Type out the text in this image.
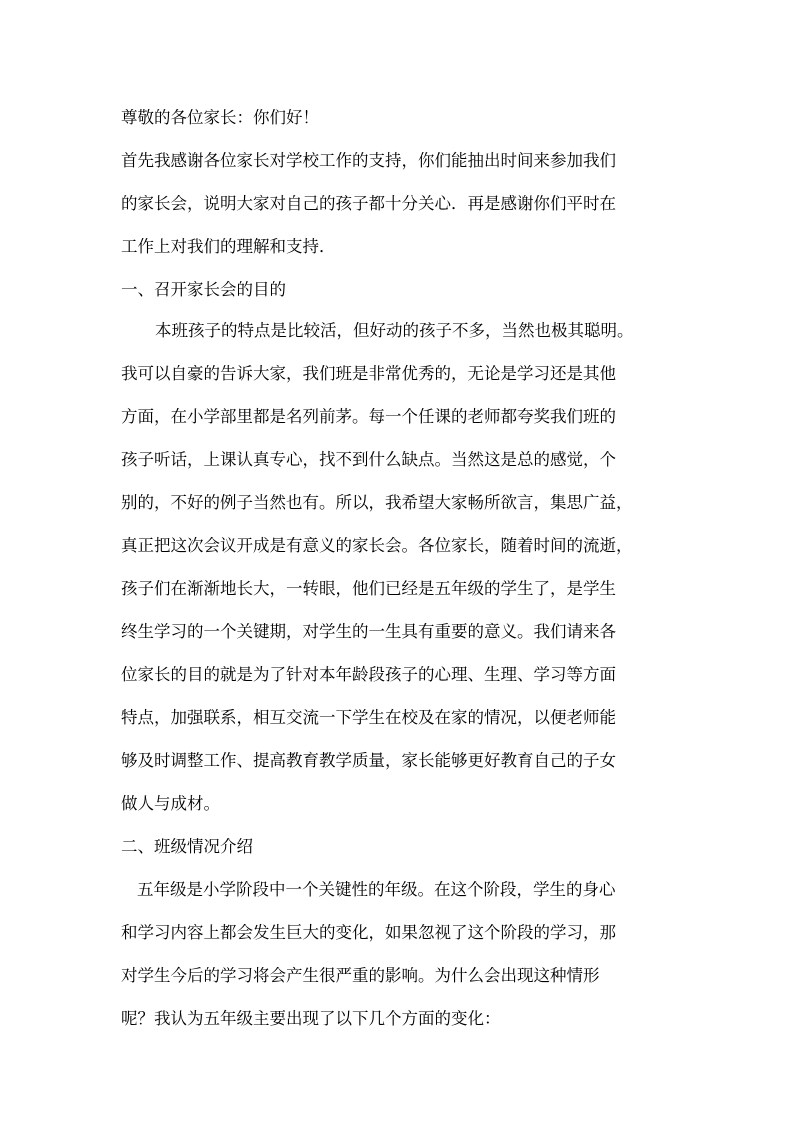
尊敬的各位家长：你们好！
首先我感谢各位家长对学校工作的支持，你们能抽出时间来参加我们
的家长会，说明大家对自己的孩子都十分关心．再是感谢你们平时在
工作上对我们的理解和支持．
一、召开家长会的目的
本班孩子的特点是比较活，但好动的孩子不多，当然也极其聪明。
我可以自豪的告诉大家，我们班是非常优秀的，无论是学习还是其他
方面，在小学部里都是名列前茅。每一个任课的老师都夸奖我们班的
孩子听话，上课认真专心，找不到什么缺点。当然这是总的感觉，个
别的，不好的例子当然也有。所以，我希望大家畅所欲言，集思广益，
真正把这次会议开成是有意义的家长会。各位家长，随着时间的流逝，
孩子们在渐渐地长大，一转眼，他们已经是五年级的学生了，是学生
终生学习的一个关键期，对学生的一生具有重要的意义。我们请来各
位家长的目的就是为了针对本年龄段孩子的心理、生理、学习等方面
特点，加强联系，相互交流一下学生在校及在家的情况，以便老师能
够及时调整工作、提高教育教学质量，家长能够更好教育自己的子女
做人与成材。
二、班级情况介绍
五年级是小学阶段中一个关键性的年级。在这个阶段，学生的身心
和学习内容上都会发生巨大的变化，如果忽视了这个阶段的学习，那
对学生今后的学习将会产生很严重的影响。为什么会出现这种情形
呢？我认为五年级主要出现了以下几个方面的变化：
